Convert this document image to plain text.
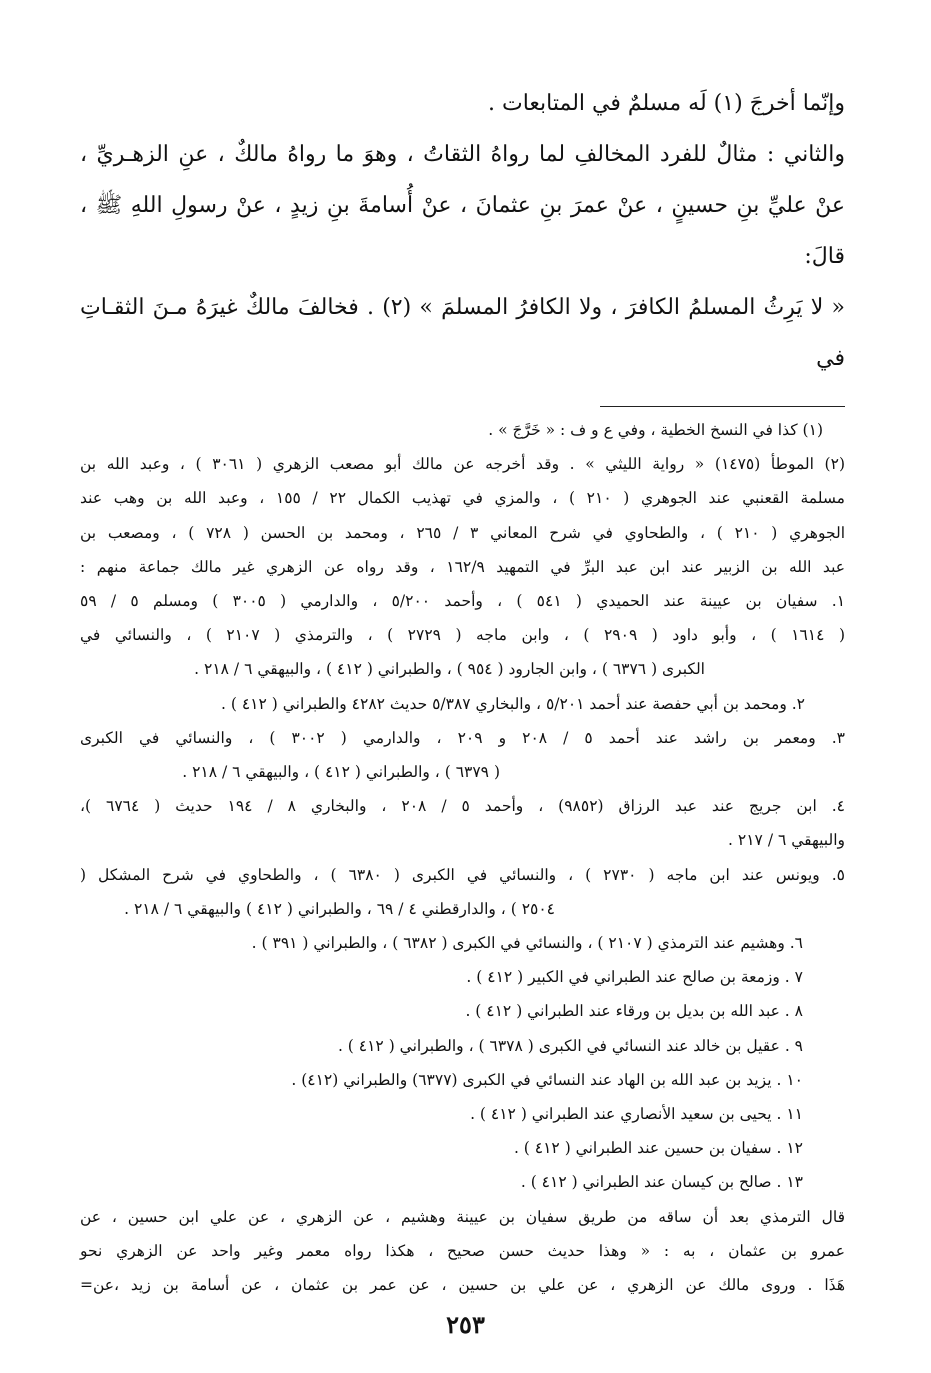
وإنّما أخرجَ (١) لَه مسلمٌ في المتابعات .

والثاني : مثالٌ للفرد المخالفِ لما رواهُ الثقاتُ ، وهوَ ما رواهُ مالكٌ ، عنِ الزهـريِّ ،

عنْ عليِّ بنِ حسينٍ ، عنْ عمرَ بنِ عثمانَ ، عنْ أُسامةَ بنِ زيدٍ ، عنْ رسولِ اللهِ ﷺ ، قالَ:

« لا يَرِثُ المسلمُ الكافرَ ، ولا الكافرُ المسلمَ » (٢) . فخالفَ مالكٌ غيرَهُ مـنَ الثقـاتِ في

(١) كذا في النسخ الخطية ، وفي ع و ف : « خَرَّجَ » .

(٢) الموطأ (١٤٧٥) « رواية الليثي » . وقد أخرجه عن مالك أبو مصعب الزهري ( ٣٠٦١ ) ، وعبد الله بن

مسلمة القعنبي عند الجوهري ( ٢١٠ ) ، والمزي في تهذيب الكمال ٢٢ / ١٥٥ ، وعبد الله بن وهب عند

الجوهري ( ٢١٠ ) ، والطحاوي في شرح المعاني ٣ / ٢٦٥ ، ومحمد بن الحسن ( ٧٢٨ ) ، ومصعب بن

عبد الله بن الزبير عند ابن عبد البرِّ في التمهيد ١٦٢/٩ ، وقد رواه عن الزهري غير مالك جماعة منهم :

١. سفيان بن عيينة عند الحميدي ( ٥٤١ ) ، وأحمد ٥/٢٠٠ ، والدارمي ( ٣٠٠٥ ) ومسلم ٥ / ٥٩

( ١٦١٤ ) ، وأبو داود ( ٢٩٠٩ ) ، وابن ماجه ( ٢٧٢٩ ) ، والترمذي ( ٢١٠٧ ) ، والنسائي في

الكبرى ( ٦٣٧٦ ) ، وابن الجارود ( ٩٥٤ ) ، والطبراني ( ٤١٢ ) ، والبيهقي ٦ / ٢١٨ .

٢. ومحمد بن أبي حفصة عند أحمد ٥/٢٠١ ، والبخاري ٥/٣٨٧ حديث ٤٢٨٢ والطبراني ( ٤١٢ ) .

٣. ومعمر بن راشد عند أحمد ٥ / ٢٠٨ و ٢٠٩ ، والدارمي ( ٣٠٠٢ ) ، والنسائي في الكبرى

( ٦٣٧٩ ) ، والطبراني ( ٤١٢ ) ، والبيهقي ٦ / ٢١٨ .

٤. ابن جريج عند عبد الرزاق (٩٨٥٢) ، وأحمد ٥ / ٢٠٨ ، والبخاري ٨ / ١٩٤ حديث ( ٦٧٦٤ )،

والبيهقي ٦ / ٢١٧ .

٥. ويونس عند ابن ماجه ( ٢٧٣٠ ) ، والنسائي في الكبرى ( ٦٣٨٠ ) ، والطحاوي في شرح المشكل (

٢٥٠٤ ) ، والدارقطني ٤ / ٦٩ ، والطبراني ( ٤١٢ ) والبيهقي ٦ / ٢١٨ .

٦. وهشيم عند الترمذي ( ٢١٠٧ ) ، والنسائي في الكبرى ( ٦٣٨٢ ) ، والطبراني ( ٣٩١ ) .

٧ . وزمعة بن صالح عند الطبراني في الكبير ( ٤١٢ ) .

٨ . عبد الله بن بديل بن ورقاء عند الطبراني ( ٤١٢ ) .

٩ . عقيل بن خالد عند النسائي في الكبرى ( ٦٣٧٨ ) ، والطبراني ( ٤١٢ ) .

١٠ . يزيد بن عبد الله بن الهاد عند النسائي في الكبرى (٦٣٧٧) والطبراني (٤١٢) .

١١ . يحيى بن سعيد الأنصاري عند الطبراني ( ٤١٢ ) .

١٢ . سفيان بن حسين عند الطبراني ( ٤١٢ ) .

١٣ . صالح بن كيسان عند الطبراني ( ٤١٢ ) .

قال الترمذي بعد أن ساقه من طريق سفيان بن عيينة وهشيم ، عن الزهري ، عن علي ابن حسين ، عن

عمرو بن عثمان ، به : « وهذا حديث حسن صحيح ، هكذا رواه معمر وغير واحد عن الزهري نحو

هَذَا . وروى مالك عن الزهري ، عن علي بن حسين ، عن عمر بن عثمان ، عن أسامة بن زيد ،عن=

٢٥٣
